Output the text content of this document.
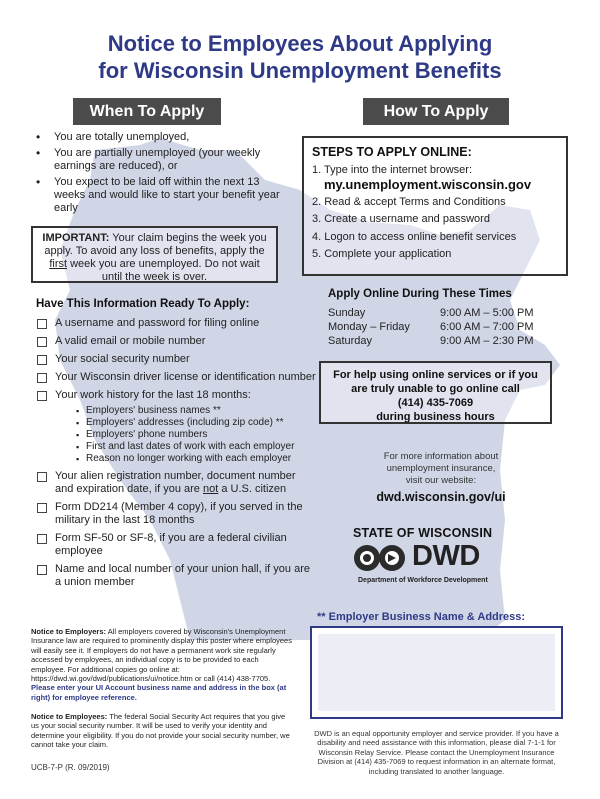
Notice to Employees About Applying
for Wisconsin Unemployment Benefits
When To Apply	How To Apply
• You are totally unemployed,
• You are partially unemployed (your weekly earnings are reduced), or
• You expect to be laid off within the next 13 weeks and would like to start your benefit year early
IMPORTANT: Your claim begins the week you apply. To avoid any loss of benefits, apply the first week you are unemployed. Do not wait until the week is over.
Have This Information Ready To Apply:
A username and password for filing online
A valid email or mobile number
Your social security number
Your Wisconsin driver license or identification number
Your work history for the last 18 months:
▪ Employers' business names **
▪ Employers' addresses (including zip code) **
▪ Employers' phone numbers
▪ First and last dates of work with each employer
▪ Reason no longer working with each employer
Your alien registration number, document number and expiration date, if you are not a U.S. citizen
Form DD214 (Member 4 copy), if you served in the military in the last 18 months
Form SF-50 or SF-8, if you are a federal civilian employee
Name and local number of your union hall, if you are a union member
Notice to Employers: All employers covered by Wisconsin's Unemployment Insurance law are required to prominently display this poster where employees will easily see it. If employers do not have a permanent work site regularly accessed by employees, an individual copy is to be provided to each employee. For additional copies go online at: https://dwd.wi.gov/dwd/publications/ui/notice.htm or call (414) 438-7705. Please enter your UI Account business name and address in the box (at right) for employee reference.
Notice to Employees: The federal Social Security Act requires that you give us your social security number. It will be used to verify your identity and determine your eligibility. If you do not provide your social security number, we cannot take your claim.
UCB-7-P (R. 09/2019)
STEPS TO APPLY ONLINE:
1. Type into the internet browser:
my.unemployment.wisconsin.gov
2. Read & accept Terms and Conditions
3. Create a username and password
4. Logon to access online benefit services
5. Complete your application
Apply Online During These Times
Sunday	9:00 AM – 5:00 PM
Monday – Friday	6:00 AM – 7:00 PM
Saturday	9:00 AM – 2:30 PM
For help using online services or if you
are truly unable to go online call
(414) 435-7069
during business hours
For more information about
unemployment insurance,
visit our website:
dwd.wisconsin.gov/ui
STATE OF WISCONSIN
DWD
Department of Workforce Development
** Employer Business Name & Address:
DWD is an equal opportunity employer and service provider. If you have a disability and need assistance with this information, please dial 7-1-1 for Wisconsin Relay Service. Please contact the Unemployment Insurance Division at (414) 435-7069 to request information in an alternate format, including translated to another language.
